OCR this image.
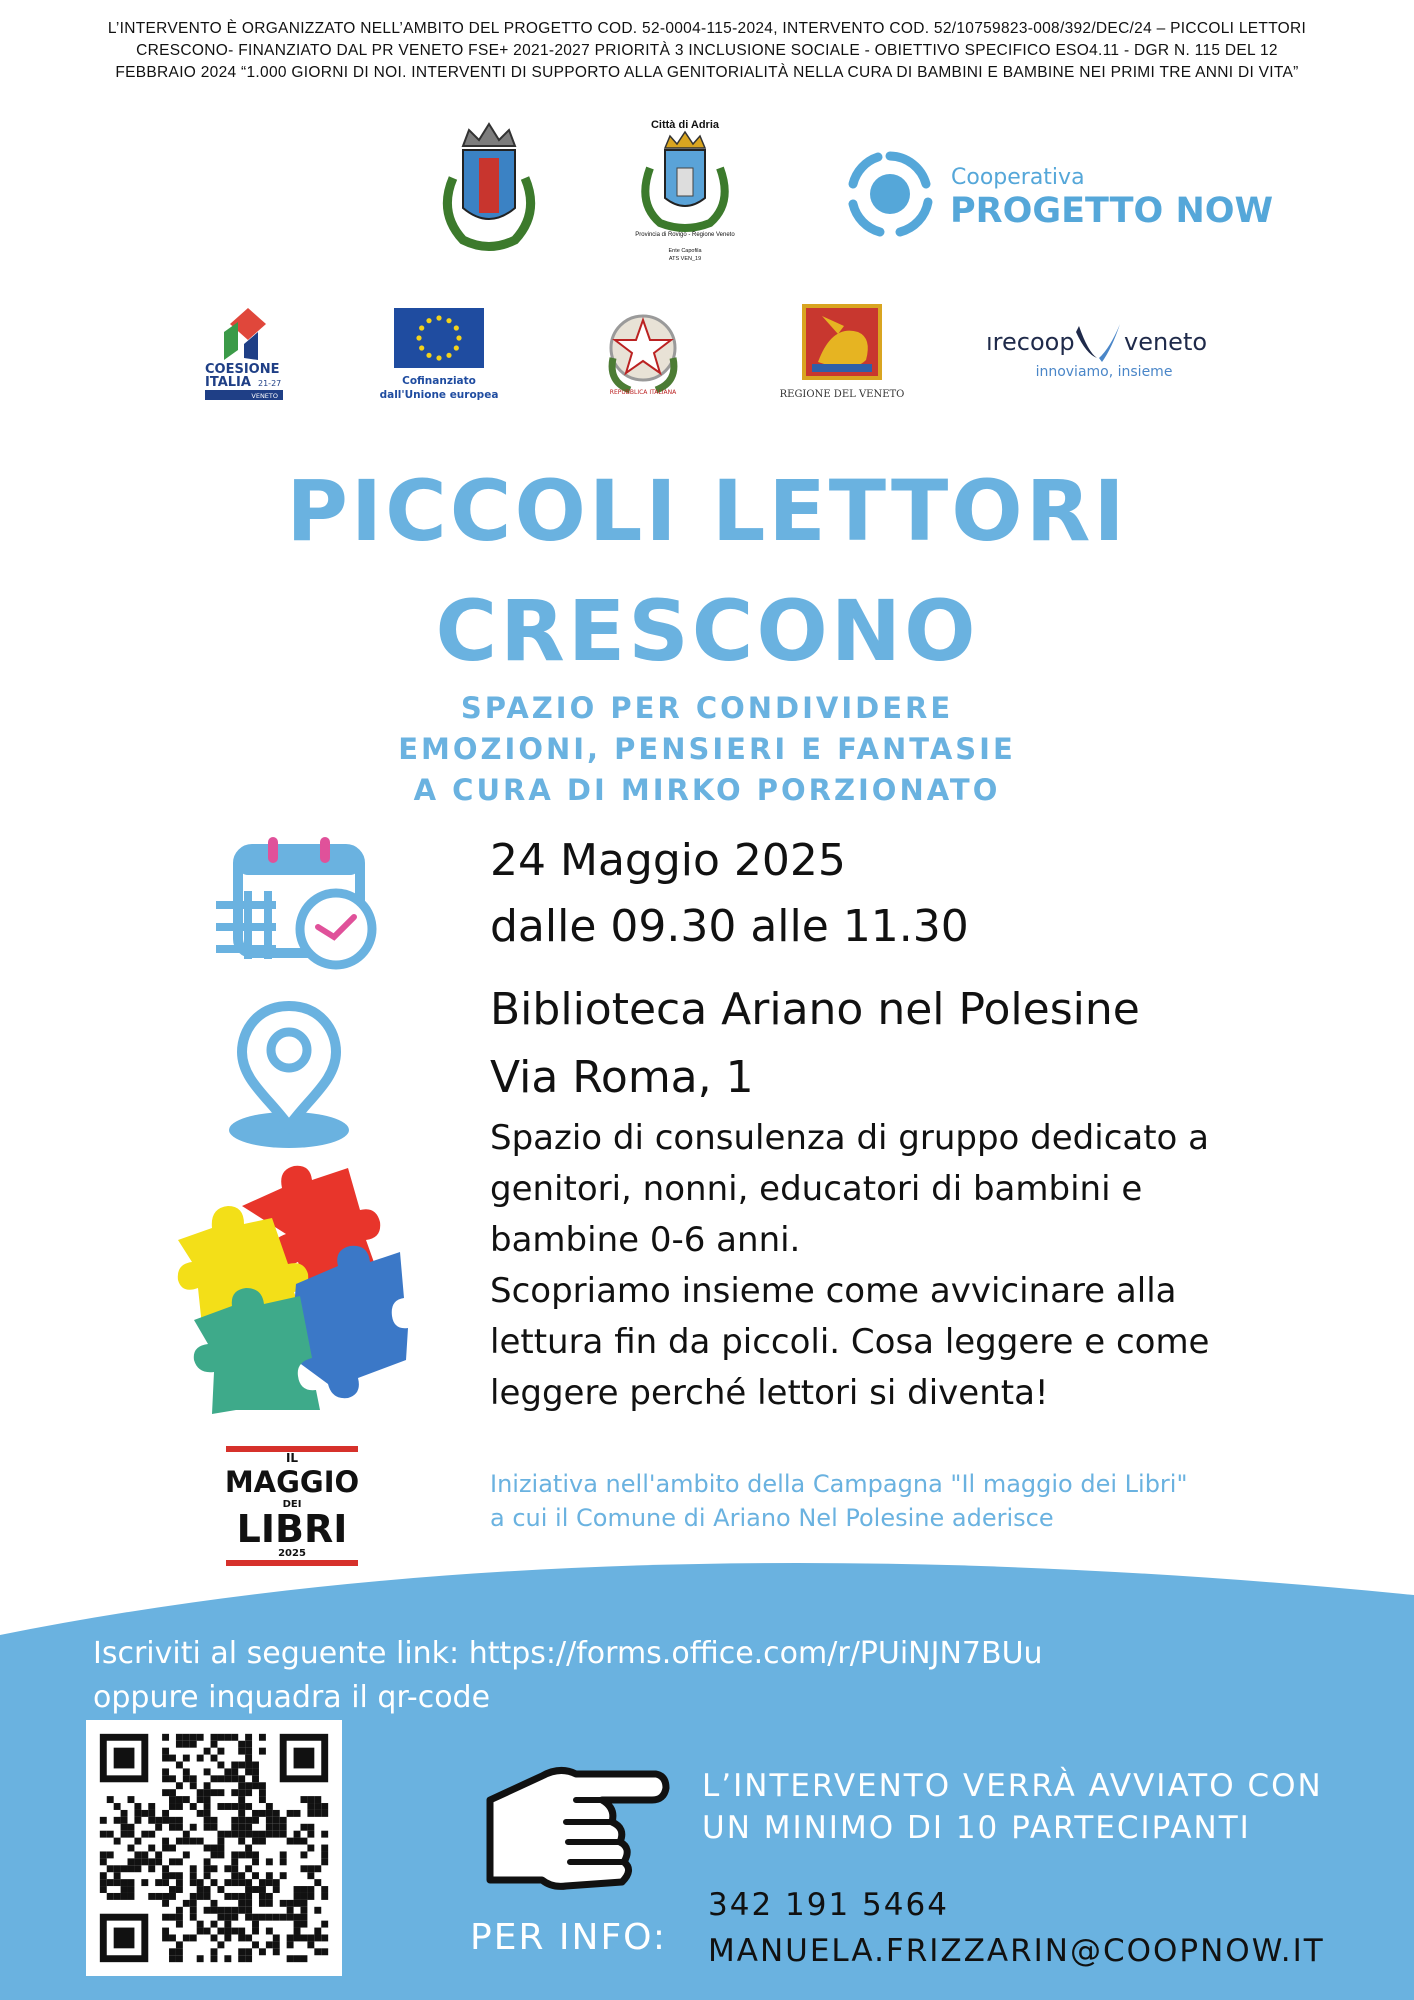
L’INTERVENTO È ORGANIZZATO NELL’AMBITO DEL PROGETTO COD. 52-0004-115-2024, INTERVENTO COD. 52/10759823-008/392/DEC/24 – PICCOLI LETTORI
CRESCONO- FINANZIATO DAL PR VENETO FSE+ 2021-2027 PRIORITÀ 3 INCLUSIONE SOCIALE - OBIETTIVO SPECIFICO ESO4.11 - DGR N. 115 DEL 12
FEBBRAIO 2024 “1.000 GIORNI DI NOI. INTERVENTI DI SUPPORTO ALLA GENITORIALITÀ NELLA CURA DI BAMBINI E BAMBINE NEI PRIMI TRE ANNI DI VITA”
Città di Adria
Provincia di Rovigo - Regione Veneto
Ente Capofila
ATS VEN_19
Cooperativa
PROGETTO NOW
COESIONE
ITALIA 21-27
VENETO
Cofinanziato
dall'Unione europea	REPUBBLICA ITALIANA	REGIONE DEL VENETO
ırecoop veneto
innoviamo, insieme
PICCOLI LETTORI
CRESCONO
SPAZIO PER CONDIVIDERE
EMOZIONI, PENSIERI E FANTASIE
A CURA DI MIRKO PORZIONATO
24 Maggio 2025
dalle 09.30 alle 11.30
Biblioteca Ariano nel Polesine
Via Roma, 1
Spazio di consulenza di gruppo dedicato a
genitori, nonni, educatori di bambini e
bambine 0-6 anni.
Scopriamo insieme come avvicinare alla
lettura fin da piccoli. Cosa leggere e come
leggere perché lettori si diventa!
IL
MAGGIO
DEI
LIBRI
2025
Iniziativa nell'ambito della Campagna "Il maggio dei Libri"
a cui il Comune di Ariano Nel Polesine aderisce
Iscriviti al seguente link: https://forms.office.com/r/PUiNJN7BUu
oppure inquadra il qr-code
L’INTERVENTO VERRÀ AVVIATO CON
UN MINIMO DI 10 PARTECIPANTI
PER INFO:
342 191 5464
MANUELA.FRIZZARIN@COOPNOW.IT
